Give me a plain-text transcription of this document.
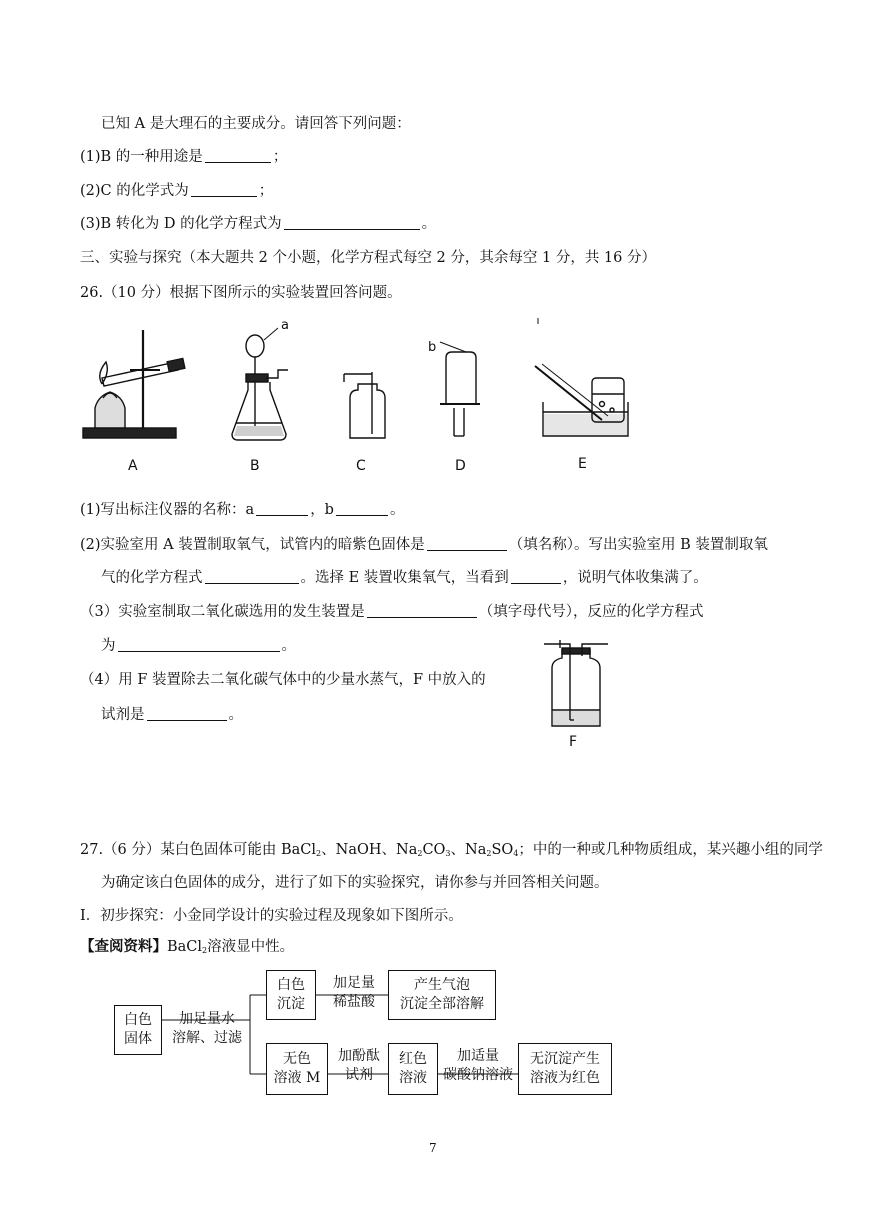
已知 A 是大理石的主要成分。请回答下列问题：
(1)B 的一种用途是	；
(2)C 的化学式为	；
(3)B 转化为 D 的化学方程式为	。
三、实验与探究（本大题共 2 个小题，化学方程式每空 2 分，其余每空 1 分，共 16 分）
26.（10 分）根据下图所示的实验装置回答问题。
A	B	C	D	E
a
b
(1)写出标注仪器的名称：a	，b	。
(2)实验室用 A 装置制取氧气，试管内的暗紫色固体是	（填名称）。写出实验室用 B 装置制取氧
气的化学方程式	。选择 E 装置收集氧气，当看到	，说明气体收集满了。
（3）实验室制取二氧化碳选用的发生装置是	（填字母代号），反应的化学方程式
为	。
（4）用 F 装置除去二氧化碳气体中的少量水蒸气，F 中放入的
试剂是	。
F
27.（6 分）某白色固体可能由 BaCl$_2$、NaOH、$Na_2CO_3$、$Na_2SO_4$；中的一种或几种物质组成，某兴趣小组的同学
为确定该白色固体的成分，进行了如下的实验探究，请你参与并回答相关问题。
I．初步探究：小金同学设计的实验过程及现象如下图所示。
【查阅资料】BaCl$_2$溶液显中性。
白色
固体
加足量水
溶解、过滤
白色
沉淀
加足量
稀盐酸
产生气泡
沉淀全部溶解
无色
溶液 M
加酚酞
试剂
红色
溶液
加适量
碳酸钠溶液
无沉淀产生
溶液为红色
7
